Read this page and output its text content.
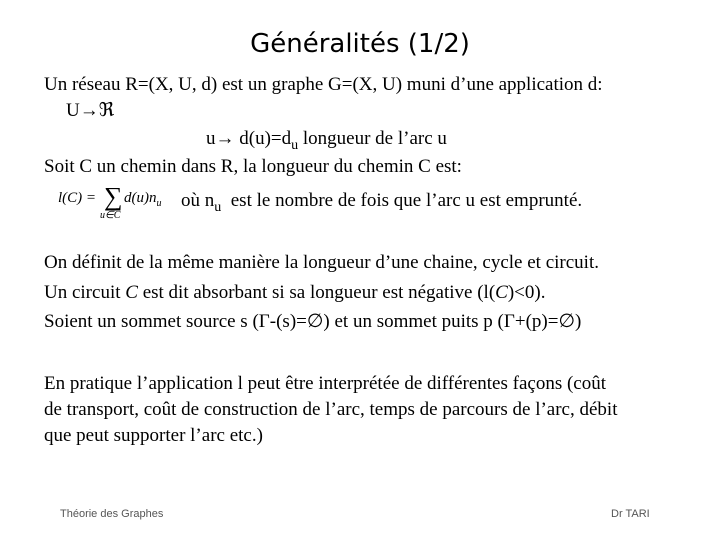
Généralités (1/2)
Un réseau R=(X, U, d) est un graphe G=(X, U) muni d’une application d:
U→ℜ
$u\to d(u)=d_u$ longueur de l’arc u
Soit C un chemin dans R, la longueur du chemin C est:
l(C) = ∑
u∈C
$d(u)n_u$ où $n_u$  est le nombre de fois que l’arc u est emprunté.
On définit de la même manière la longueur d’une chaine, cycle et circuit.
Un circuit C est dit absorbant si sa longueur est négative (l(C)<0).
Soient un sommet source s (Γ-(s)=∅) et un sommet puits p (Γ+(p)=∅)
En pratique l’application l peut être interprétée de différentes façons (coût
de transport, coût de construction de l’arc, temps de parcours de l’arc, débit
que peut supporter l’arc etc.)
Théorie des Graphes	Dr TARI
